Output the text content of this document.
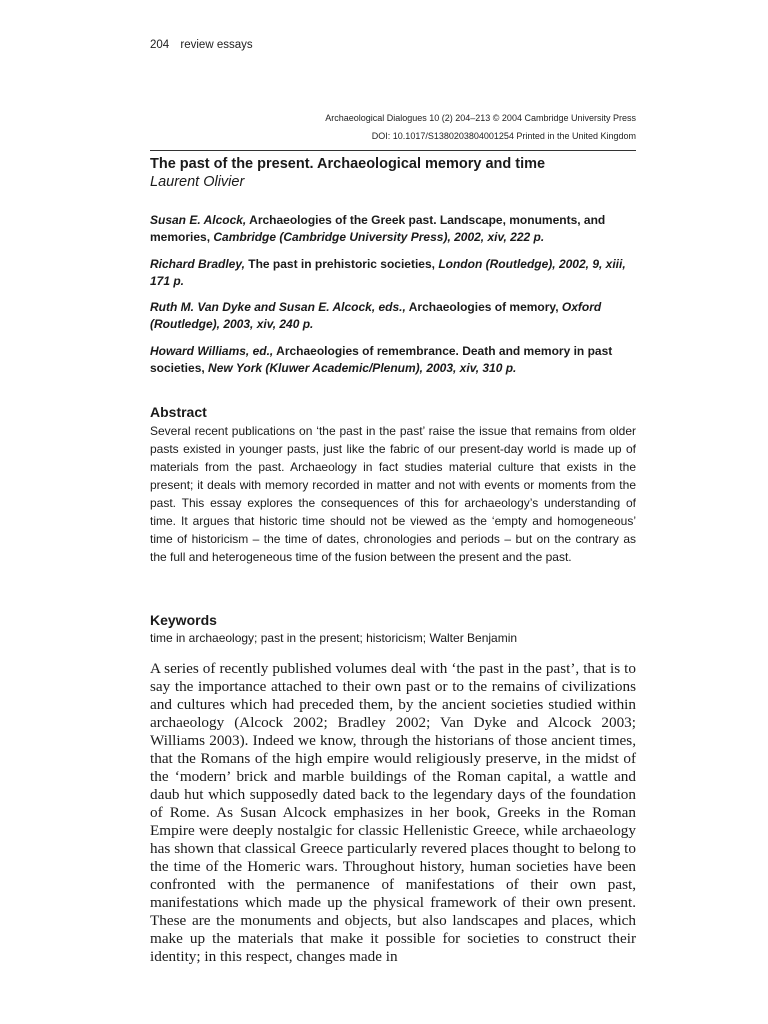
204 review essays
Archaeological Dialogues 10 (2) 204–213 © 2004 Cambridge University Press
DOI: 10.1017/S1380203804001254 Printed in the United Kingdom
The past of the present. Archaeological memory and time
Laurent Olivier

Susan E. Alcock, Archaeologies of the Greek past. Landscape, monuments, and memories, Cambridge (Cambridge University Press), 2002, xiv, 222 p.

Richard Bradley, The past in prehistoric societies, London (Routledge), 2002, 9, xiii, 171 p.

Ruth M. Van Dyke and Susan E. Alcock, eds., Archaeologies of memory, Oxford (Routledge), 2003, xiv, 240 p.

Howard Williams, ed., Archaeologies of remembrance. Death and memory in past societies, New York (Kluwer Academic/Plenum), 2003, xiv, 310 p.

Abstract

Several recent publications on ‘the past in the past’ raise the issue that remains from older pasts existed in younger pasts, just like the fabric of our present-day world is made up of materials from the past. Archaeology in fact studies material culture that exists in the present; it deals with memory recorded in matter and not with events or moments from the past. This essay explores the consequences of this for archaeology’s understanding of time. It argues that historic time should not be viewed as the ‘empty and homogeneous’ time of historicism – the time of dates, chronologies and periods – but on the contrary as the full and heterogeneous time of the fusion between the present and the past.

Keywords
time in archaeology; past in the present; historicism; Walter Benjamin

A series of recently published volumes deal with ‘the past in the past’, that is to say the importance attached to their own past or to the remains of civilizations and cultures which had preceded them, by the ancient societies studied within archaeology (Alcock 2002; Bradley 2002; Van Dyke and Alcock 2003; Williams 2003). Indeed we know, through the historians of those ancient times, that the Romans of the high empire would religiously preserve, in the midst of the ‘modern’ brick and marble buildings of the Roman capital, a wattle and daub hut which supposedly dated back to the legendary days of the foundation of Rome. As Susan Alcock emphasizes in her book, Greeks in the Roman Empire were deeply nostalgic for classic Hellenistic Greece, while archaeology has shown that classical Greece particularly revered places thought to belong to the time of the Homeric wars. Throughout history, human societies have been confronted with the permanence of manifestations of their own past, manifestations which made up the physical framework of their own present. These are the monuments and objects, but also landscapes and places, which make up the materials that make it possible for societies to construct their identity; in this respect, changes made in
